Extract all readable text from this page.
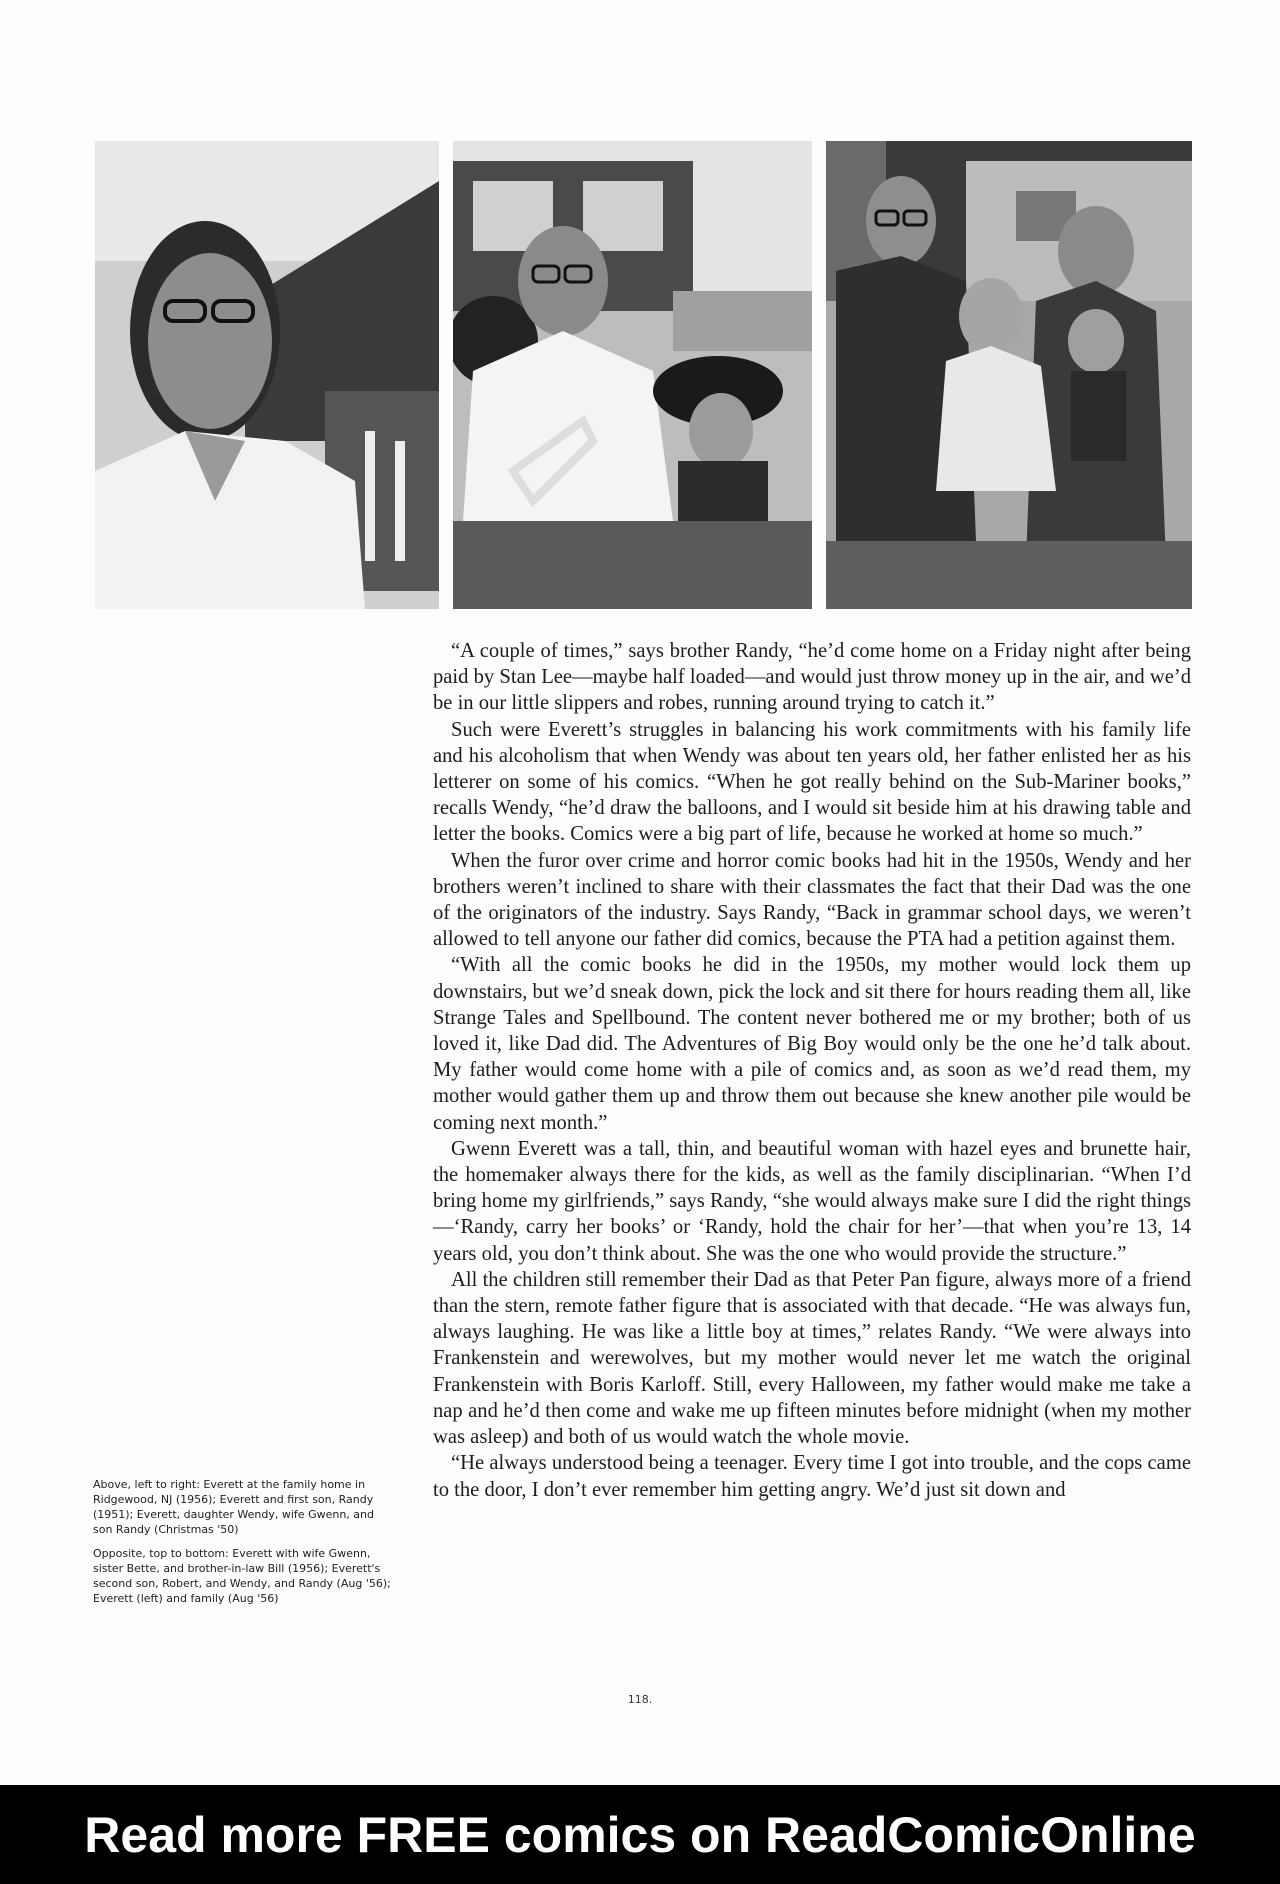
Above, left to right: Everett at the family home in Ridgewood, NJ (1956); Everett and first son, Randy (1951); Everett, daughter Wendy, wife Gwenn, and son Randy (Christmas '50)

Opposite, top to bottom: Everett with wife Gwenn, sister Bette, and brother-in-law Bill (1956); Everett's second son, Robert, and Wendy, and Randy (Aug '56); Everett (left) and family (Aug '56)

“A couple of times,” says brother Randy, “he’d come home on a Friday night after being paid by Stan Lee—maybe half loaded—and would just throw money up in the air, and we’d be in our little slippers and robes, running around trying to catch it.”

Such were Everett’s struggles in balancing his work commitments with his family life and his alcoholism that when Wendy was about ten years old, her father enlisted her as his letterer on some of his comics. “When he got really behind on the Sub-Mariner books,” recalls Wendy, “he’d draw the balloons, and I would sit beside him at his drawing table and letter the books. Comics were a big part of life, because he worked at home so much.”

When the furor over crime and horror comic books had hit in the 1950s, Wendy and her brothers weren’t inclined to share with their classmates the fact that their Dad was the one of the originators of the industry. Says Randy, “Back in grammar school days, we weren’t allowed to tell anyone our father did comics, because the PTA had a petition against them.

“With all the comic books he did in the 1950s, my mother would lock them up downstairs, but we’d sneak down, pick the lock and sit there for hours reading them all, like Strange Tales and Spellbound. The content never bothered me or my brother; both of us loved it, like Dad did. The Adventures of Big Boy would only be the one he’d talk about. My father would come home with a pile of comics and, as soon as we’d read them, my mother would gather them up and throw them out because she knew another pile would be coming next month.”

Gwenn Everett was a tall, thin, and beautiful woman with hazel eyes and brunette hair, the homemaker always there for the kids, as well as the family disciplinarian. “When I’d bring home my girlfriends,” says Randy, “she would always make sure I did the right things—‘Randy, carry her books’ or ‘Randy, hold the chair for her’—that when you’re 13, 14 years old, you don’t think about. She was the one who would provide the structure.”

All the children still remember their Dad as that Peter Pan figure, always more of a friend than the stern, remote father figure that is associated with that decade. “He was always fun, always laughing. He was like a little boy at times,” relates Randy. “We were always into Frankenstein and werewolves, but my mother would never let me watch the original Frankenstein with Boris Karloff. Still, every Halloween, my father would make me take a nap and he’d then come and wake me up fifteen minutes before midnight (when my mother was asleep) and both of us would watch the whole movie.

“He always understood being a teenager. Every time I got into trouble, and the cops came to the door, I don’t ever remember him getting angry. We’d just sit down and

118.
Read more FREE comics on ReadComicOnline
